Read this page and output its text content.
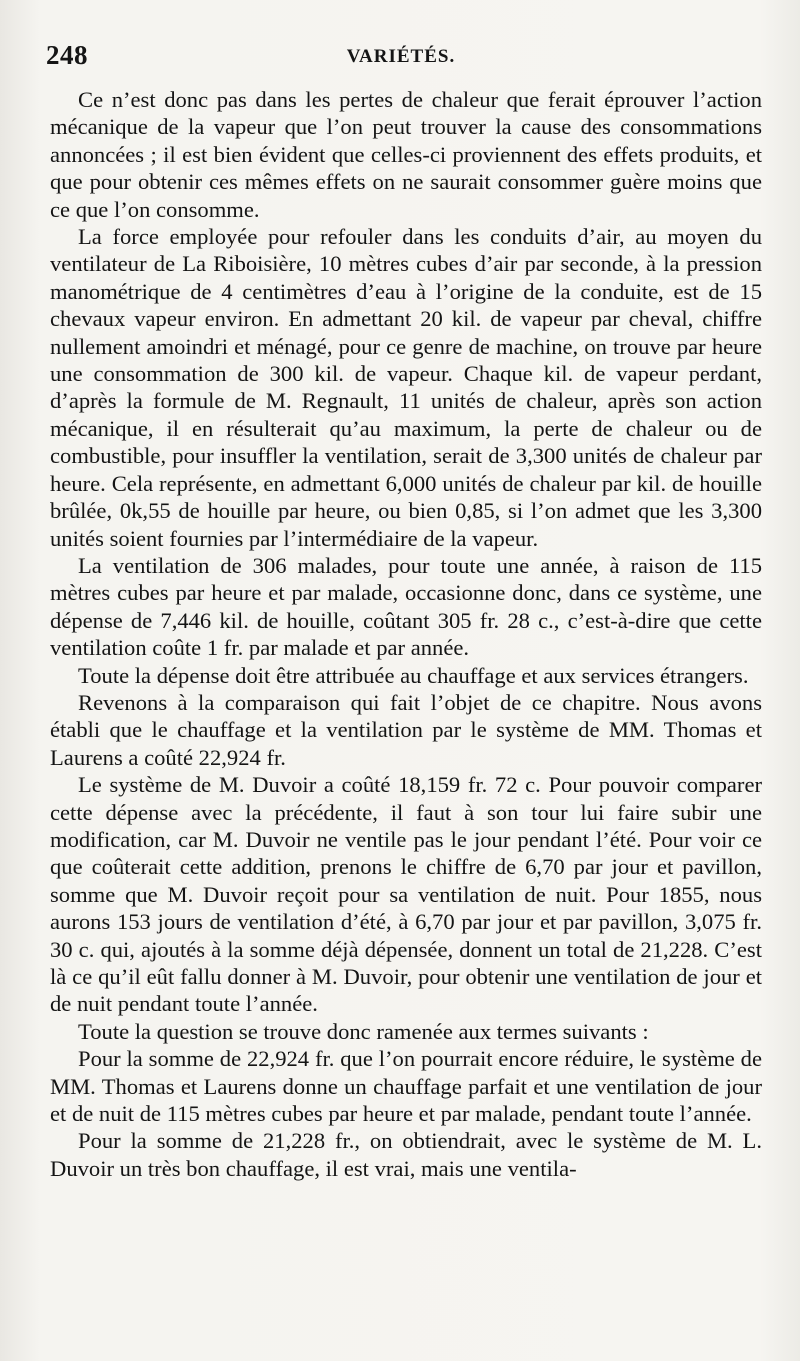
248	VARIÉTÉS.

Ce n’est donc pas dans les pertes de chaleur que ferait éprouver l’action mécanique de la vapeur que l’on peut trouver la cause des consommations annoncées ; il est bien évident que celles-ci proviennent des effets produits, et que pour obtenir ces mêmes effets on ne saurait consommer guère moins que ce que l’on consomme.

La force employée pour refouler dans les conduits d’air, au moyen du ventilateur de La Riboisière, 10 mètres cubes d’air par seconde, à la pression manométrique de 4 centimètres d’eau à l’origine de la conduite, est de 15 chevaux vapeur environ. En admettant 20 kil. de vapeur par cheval, chiffre nullement amoindri et ménagé, pour ce genre de machine, on trouve par heure une consommation de 300 kil. de vapeur. Chaque kil. de vapeur perdant, d’après la formule de M. Regnault, 11 unités de chaleur, après son action mécanique, il en résulterait qu’au maximum, la perte de chaleur ou de combustible, pour insuffler la ventilation, serait de 3,300 unités de chaleur par heure. Cela représente, en admettant 6,000 unités de chaleur par kil. de houille brûlée, 0k,55 de houille par heure, ou bien 0,85, si l’on admet que les 3,300 unités soient fournies par l’intermédiaire de la vapeur.

La ventilation de 306 malades, pour toute une année, à raison de 115 mètres cubes par heure et par malade, occasionne donc, dans ce système, une dépense de 7,446 kil. de houille, coûtant 305 fr. 28 c., c’est-à-dire que cette ventilation coûte 1 fr. par malade et par année.

Toute la dépense doit être attribuée au chauffage et aux services étrangers.

Revenons à la comparaison qui fait l’objet de ce chapitre. Nous avons établi que le chauffage et la ventilation par le système de MM. Thomas et Laurens a coûté 22,924 fr.

Le système de M. Duvoir a coûté 18,159 fr. 72 c. Pour pouvoir comparer cette dépense avec la précédente, il faut à son tour lui faire subir une modification, car M. Duvoir ne ventile pas le jour pendant l’été. Pour voir ce que coûterait cette addition, prenons le chiffre de 6,70 par jour et pavillon, somme que M. Duvoir reçoit pour sa ventilation de nuit. Pour 1855, nous aurons 153 jours de ventilation d’été, à 6,70 par jour et par pavillon, 3,075 fr. 30 c. qui, ajoutés à la somme déjà dépensée, donnent un total de 21,228. C’est là ce qu’il eût fallu donner à M. Duvoir, pour obtenir une ventilation de jour et de nuit pendant toute l’année.

Toute la question se trouve donc ramenée aux termes suivants :

Pour la somme de 22,924 fr. que l’on pourrait encore réduire, le système de MM. Thomas et Laurens donne un chauffage parfait et une ventilation de jour et de nuit de 115 mètres cubes par heure et par malade, pendant toute l’année.

Pour la somme de 21,228 fr., on obtiendrait, avec le système de M. L. Duvoir un très bon chauffage, il est vrai, mais une ventila-
